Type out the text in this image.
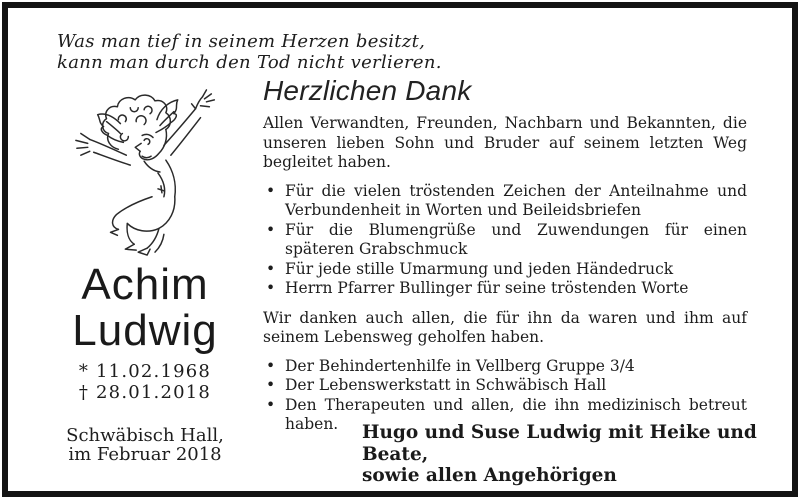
Was man tief in seinem Herzen besitzt,
kann man durch den Tod nicht verlieren.
Achim
Ludwig
* 11.02.1968
† 28.01.2018
Schwäbisch Hall,
im Februar 2018
Herzlichen Dank

Allen Verwandten, Freunden, Nachbarn und Bekannten, die unseren lieben Sohn und Bruder auf seinem letzten Weg begleitet haben.

• Für die vielen tröstenden Zeichen der Anteilnahme und Verbundenheit in Worten und Beileidsbriefen
• Für die Blumengrüße und Zuwendungen für einen späteren Grabschmuck
• Für jede stille Umarmung und jeden Händedruck
• Herrn Pfarrer Bullinger für seine tröstenden Worte

Wir danken auch allen, die für ihn da waren und ihm auf seinem Lebensweg geholfen haben.

• Der Behindertenhilfe in Vellberg Gruppe 3/4
• Der Lebenswerkstatt in Schwäbisch Hall
• Den Therapeuten und allen, die ihn medizinisch betreut haben.	Hugo und Suse Ludwig mit Heike und Beate,
sowie allen Angehörigen
